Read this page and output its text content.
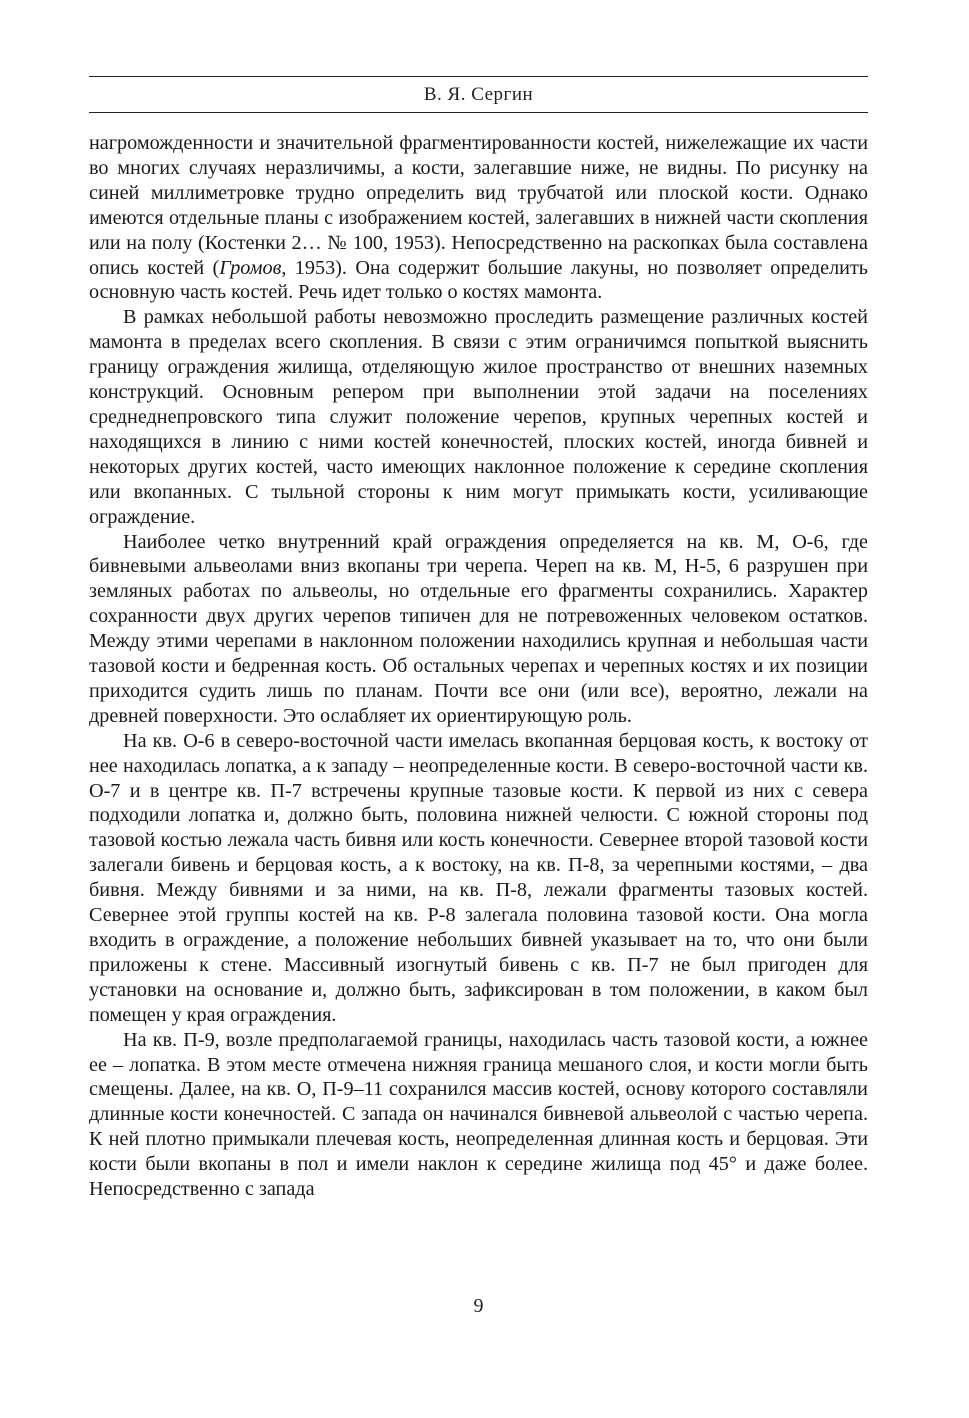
В. Я. Сергин

нагроможденности и значительной фрагментированности костей, нижележащие их части во многих случаях неразличимы, а кости, залегавшие ниже, не видны. По рисунку на синей миллиметровке трудно определить вид трубчатой или плоской кости. Однако имеются отдельные планы с изображением костей, залегавших в нижней части скопления или на полу (Костенки 2… № 100, 1953). Непосредственно на раскопках была составлена опись костей (Громов, 1953). Она содержит большие лакуны, но позволяет определить основную часть костей. Речь идет только о костях мамонта.

В рамках небольшой работы невозможно проследить размещение различных костей мамонта в пределах всего скопления. В связи с этим ограничимся попыткой выяснить границу ограждения жилища, отделяющую жилое пространство от внешних наземных конструкций. Основным репером при выполнении этой задачи на поселениях среднеднепровского типа служит положение черепов, крупных черепных костей и находящихся в линию с ними костей конечностей, плоских костей, иногда бивней и некоторых других костей, часто имеющих наклонное положение к середине скопления или вкопанных. С тыльной стороны к ним могут примыкать кости, усиливающие ограждение.

Наиболее четко внутренний край ограждения определяется на кв. М, О-6, где бивневыми альвеолами вниз вкопаны три черепа. Череп на кв. М, Н-5, 6 разрушен при земляных работах по альвеолы, но отдельные его фрагменты сохранились. Характер сохранности двух других черепов типичен для не потревоженных человеком остатков. Между этими черепами в наклонном положении находились крупная и небольшая части тазовой кости и бедренная кость. Об остальных черепах и черепных костях и их позиции приходится судить лишь по планам. Почти все они (или все), вероятно, лежали на древней поверхности. Это ослабляет их ориентирующую роль.

На кв. О-6 в северо-восточной части имелась вкопанная берцовая кость, к востоку от нее находилась лопатка, а к западу – неопределенные кости. В северо-восточной части кв. О-7 и в центре кв. П-7 встречены крупные тазовые кости. К первой из них с севера подходили лопатка и, должно быть, половина нижней челюсти. С южной стороны под тазовой костью лежала часть бивня или кость конечности. Севернее второй тазовой кости залегали бивень и берцовая кость, а к востоку, на кв. П-8, за черепными костями, – два бивня. Между бивнями и за ними, на кв. П-8, лежали фрагменты тазовых костей. Севернее этой группы костей на кв. Р-8 залегала половина тазовой кости. Она могла входить в ограждение, а положение небольших бивней указывает на то, что они были приложены к стене. Массивный изогнутый бивень с кв. П-7 не был пригоден для установки на основание и, должно быть, зафиксирован в том положении, в каком был помещен у края ограждения.

На кв. П-9, возле предполагаемой границы, находилась часть тазовой кости, а южнее ее – лопатка. В этом месте отмечена нижняя граница мешаного слоя, и кости могли быть смещены. Далее, на кв. О, П-9–11 сохранился массив костей, основу которого составляли длинные кости конечностей. С запада он начинался бивневой альвеолой с частью черепа. К ней плотно примыкали плечевая кость, неопределенная длинная кость и берцовая. Эти кости были вкопаны в пол и имели наклон к середине жилища под 45° и даже более. Непосредственно с запада

9
